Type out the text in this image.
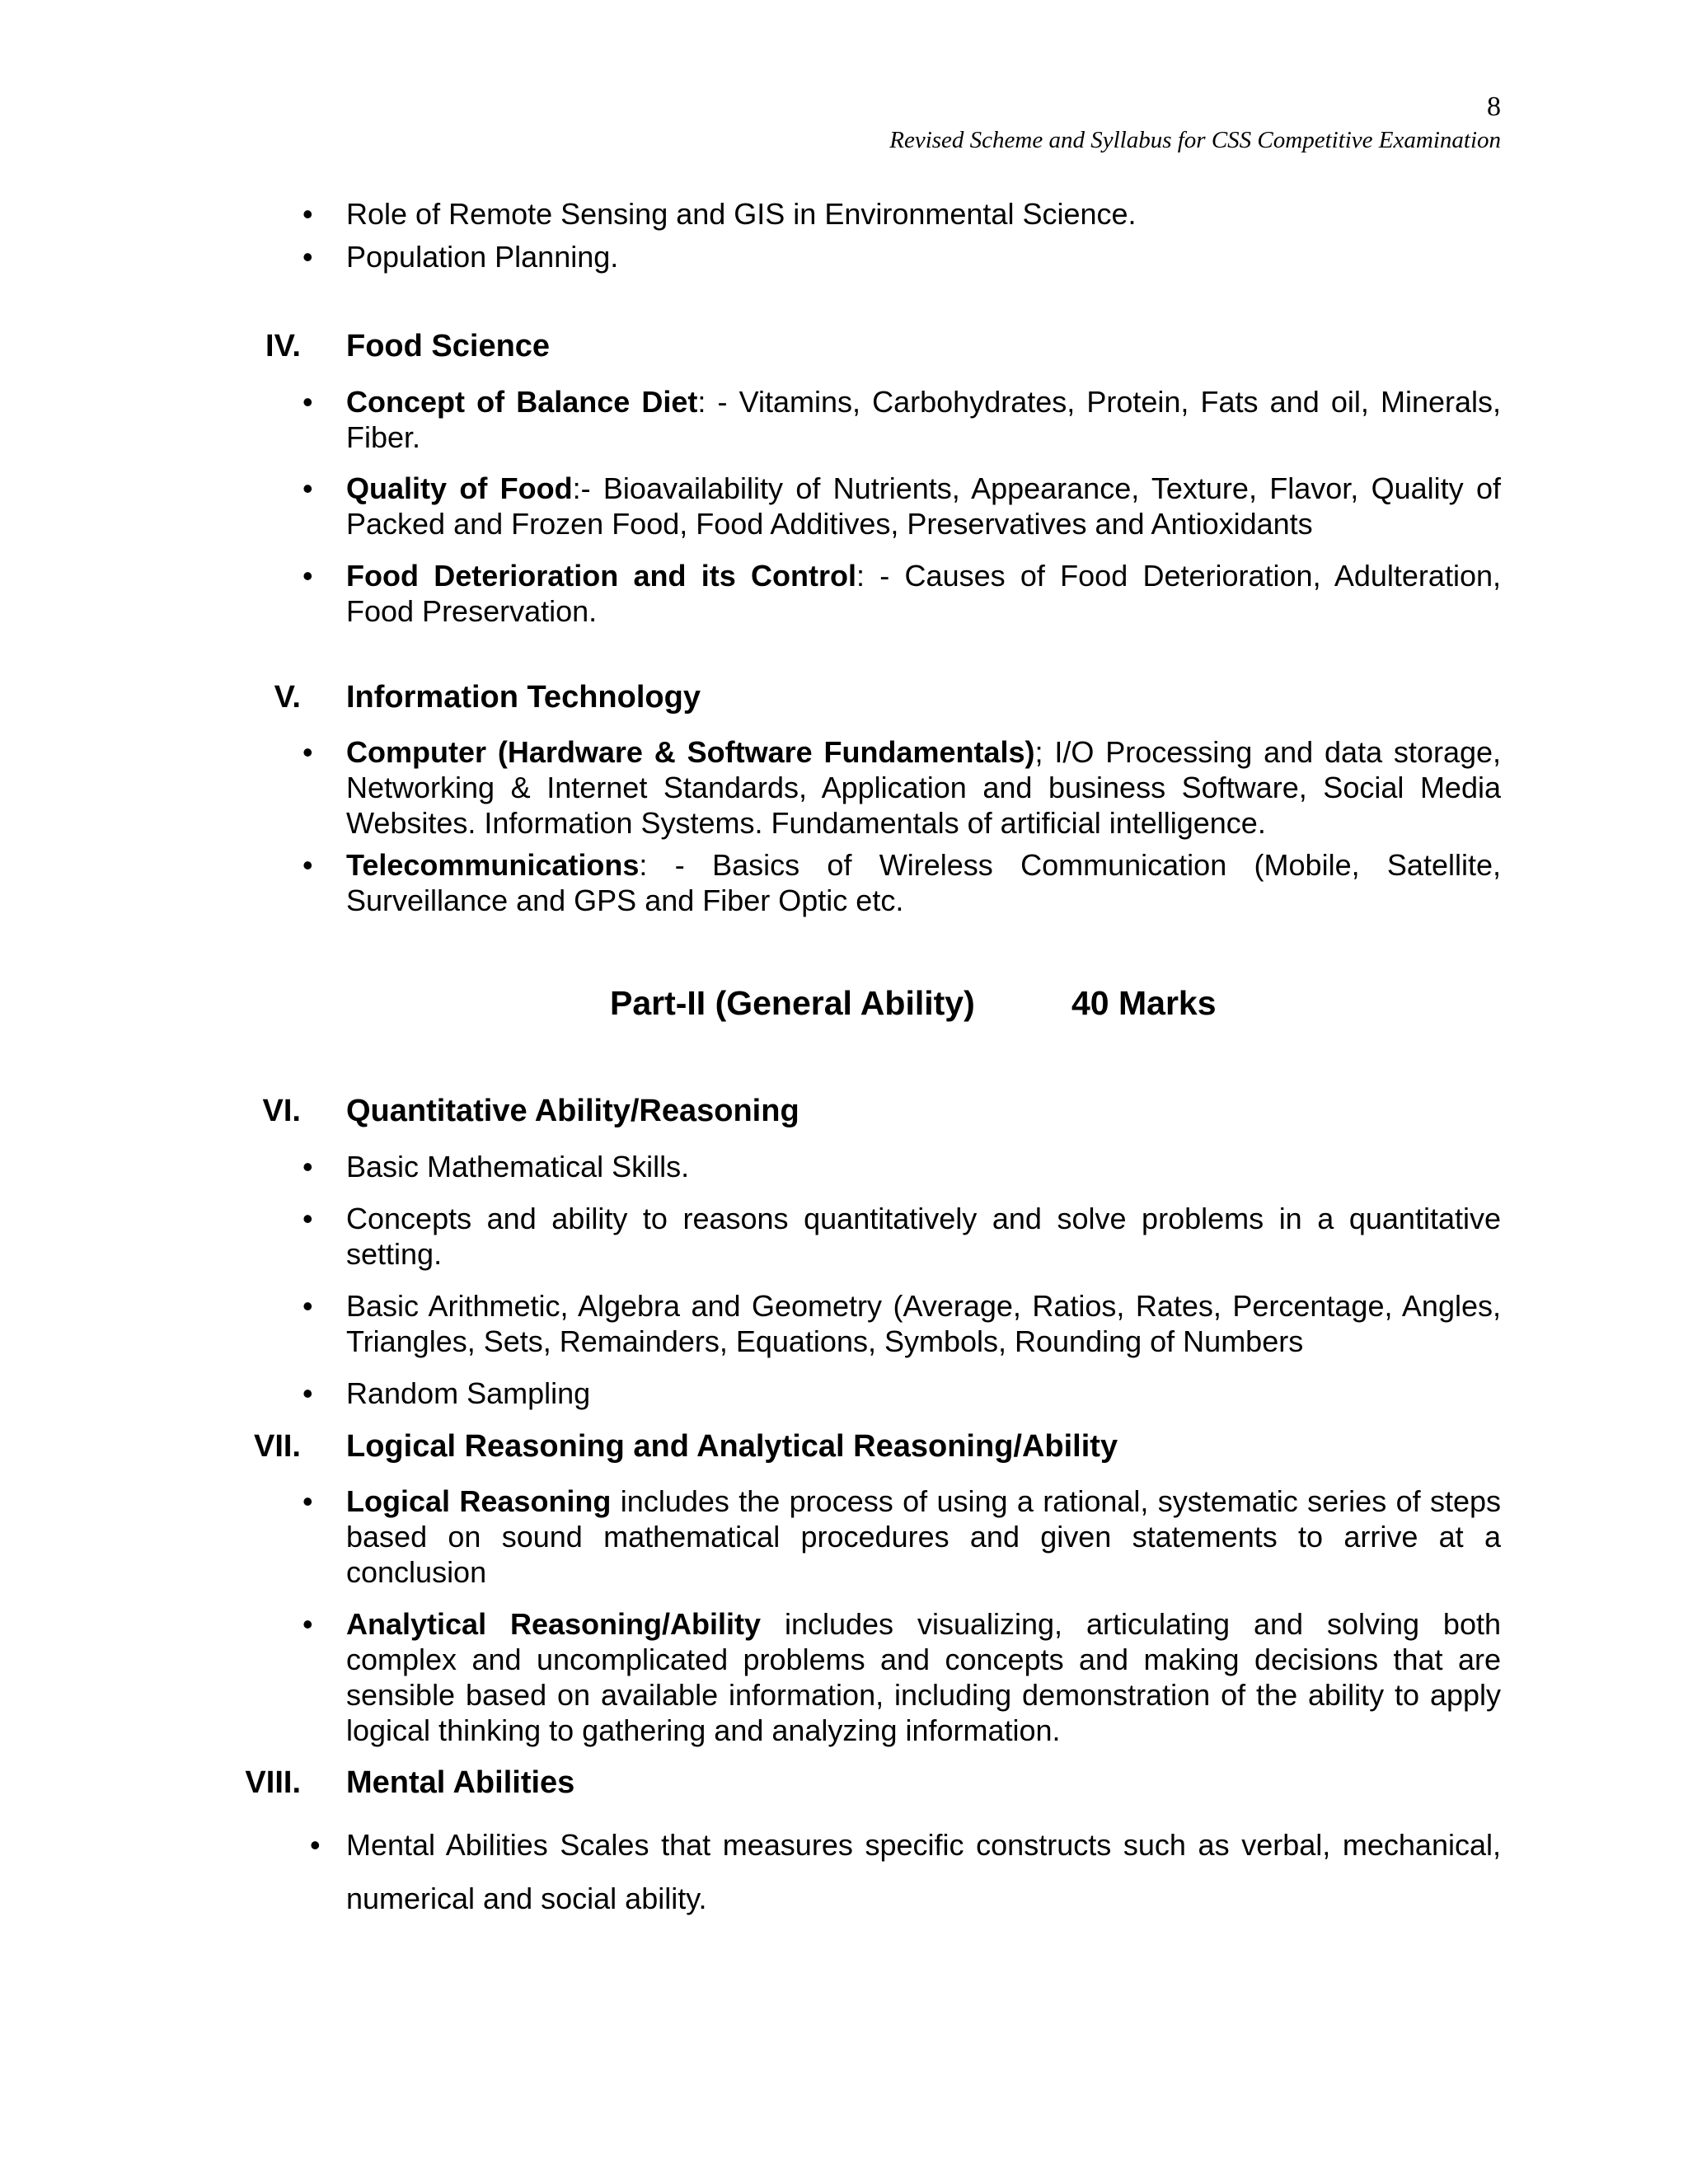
8
Revised Scheme and Syllabus for CSS Competitive Examination
• Role of Remote Sensing and GIS in Environmental Science.
• Population Planning.
IV. Food Science
• Concept of Balance Diet: - Vitamins, Carbohydrates, Protein, Fats and oil, Minerals, Fiber.
• Quality of Food:- Bioavailability of Nutrients, Appearance, Texture, Flavor, Quality of Packed and Frozen Food, Food Additives, Preservatives and Antioxidants
• Food Deterioration and its Control: - Causes of Food Deterioration, Adulteration, Food Preservation.
V. Information Technology
• Computer (Hardware & Software Fundamentals); I/O Processing and data storage, Networking & Internet Standards, Application and business Software, Social Media Websites. Information Systems. Fundamentals of artificial intelligence.
• Telecommunications: - Basics of Wireless Communication (Mobile, Satellite, Surveillance and GPS and Fiber Optic etc.
Part-II (General Ability)	40 Marks
VI. Quantitative Ability/Reasoning
• Basic Mathematical Skills.
• Concepts and ability to reasons quantitatively and solve problems in a quantitative setting.
• Basic Arithmetic, Algebra and Geometry (Average, Ratios, Rates, Percentage, Angles, Triangles, Sets, Remainders, Equations, Symbols, Rounding of Numbers
• Random Sampling
VII. Logical Reasoning and Analytical Reasoning/Ability
• Logical Reasoning includes the process of using a rational, systematic series of steps based on sound mathematical procedures and given statements to arrive at a conclusion
• Analytical Reasoning/Ability includes visualizing, articulating and solving both complex and uncomplicated problems and concepts and making decisions that are sensible based on available information, including demonstration of the ability to apply logical thinking to gathering and analyzing information.
VIII. Mental Abilities
• Mental Abilities Scales that measures specific constructs such as verbal, mechanical, numerical and social ability.
